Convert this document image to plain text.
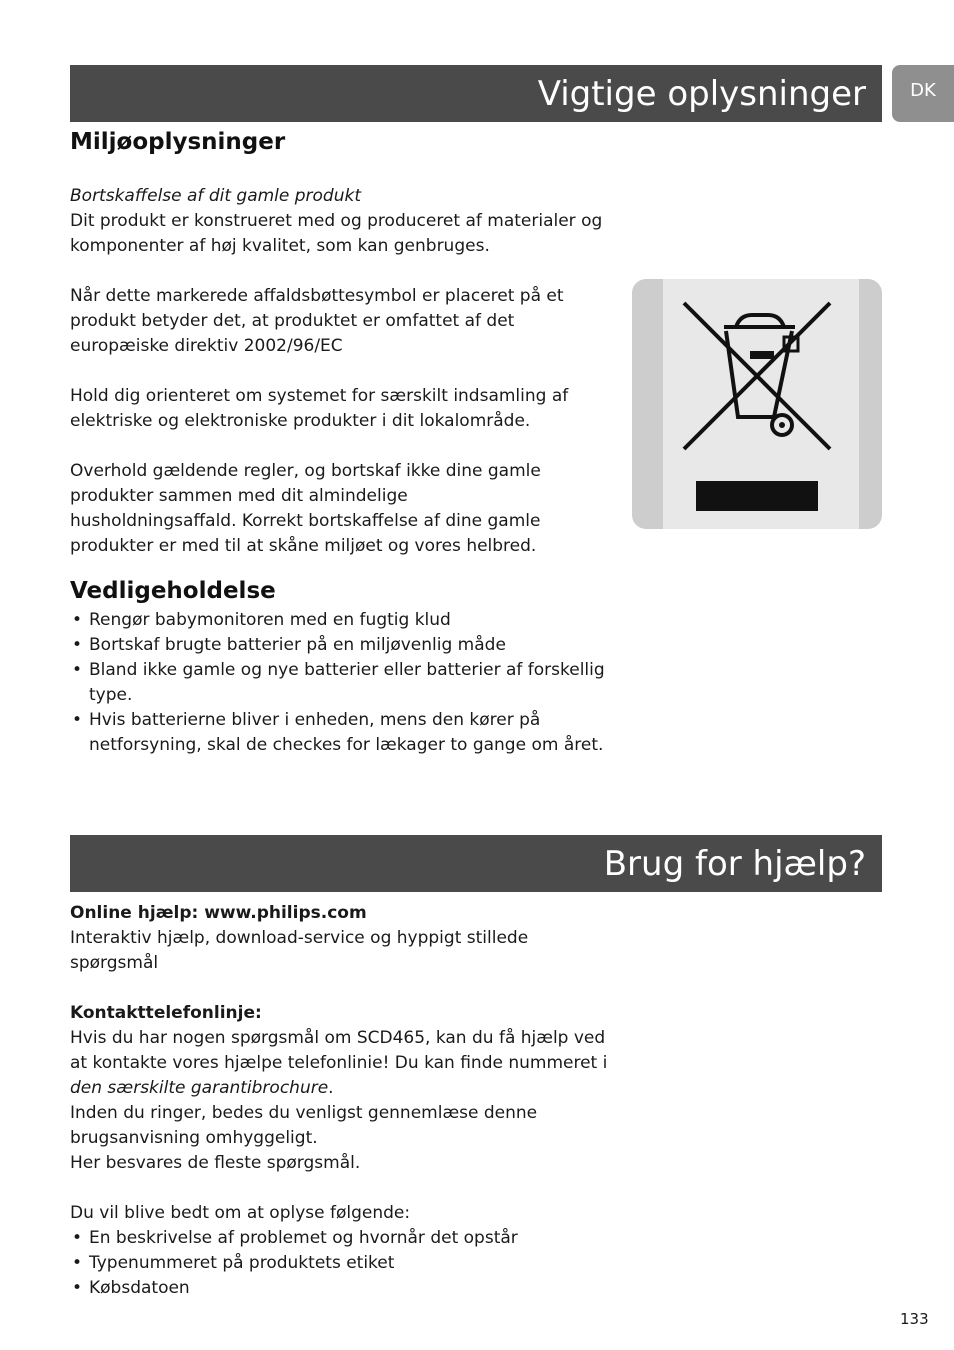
Vigtige oplysninger DK
Miljøoplysninger

Bortskaffelse af dit gamle produkt

Dit produkt er konstrueret med og produceret af materialer og komponenter af høj kvalitet, som kan genbruges.

Når dette markerede affaldsbøttesymbol er placeret på et produkt betyder det, at produktet er omfattet af det europæiske direktiv 2002/96/EC

Hold dig orienteret om systemet for særskilt indsamling af elektriske og elektroniske produkter i dit lokalområde.

Overhold gældende regler, og bortskaf ikke dine gamle produkter sammen med dit almindelige husholdningsaffald. Korrekt bortskaffelse af dine gamle produkter er med til at skåne miljøet og vores helbred.

Vedligeholdelse
• Rengør babymonitoren med en fugtig klud
• Bortskaf brugte batterier på en miljøvenlig måde
• Bland ikke gamle og nye batterier eller batterier af forskellig type.
• Hvis batterierne bliver i enheden, mens den kører på netforsyning, skal de checkes for lækager to gange om året.
Brug for hjælp?

Online hjælp: www.philips.com

Interaktiv hjælp, download-service og hyppigt stillede spørgsmål

Kontakttelefonlinje:

Hvis du har nogen spørgsmål om SCD465, kan du få hjælp ved at kontakte vores hjælpe telefonlinie! Du kan finde nummeret i den særskilte garantibrochure.

Inden du ringer, bedes du venligst gennemlæse denne brugsanvisning omhyggeligt.

Her besvares de fleste spørgsmål.

Du vil blive bedt om at oplyse følgende:

• En beskrivelse af problemet og hvornår det opstår
• Typenummeret på produktets etiket
• Købsdatoen
133
